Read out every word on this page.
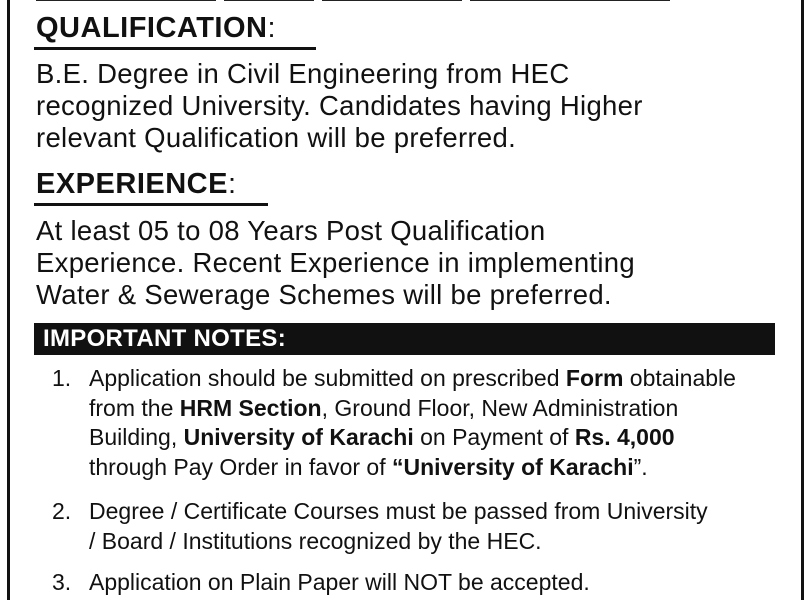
QUALIFICATION:
B.E. Degree in Civil Engineering from HEC
recognized University. Candidates having Higher
relevant Qualification will be preferred.
EXPERIENCE:
At least 05 to 08 Years Post Qualification
Experience. Recent Experience in implementing
Water & Sewerage Schemes will be preferred.
IMPORTANT NOTES:
1. Application should be submitted on prescribed Form obtainable
from the HRM Section, Ground Floor, New Administration
Building, University of Karachi on Payment of Rs. 4,000
through Pay Order in favor of “University of Karachi”.
2. Degree / Certificate Courses must be passed from University
/ Board / Institutions recognized by the HEC.
3. Application on Plain Paper will NOT be accepted.
